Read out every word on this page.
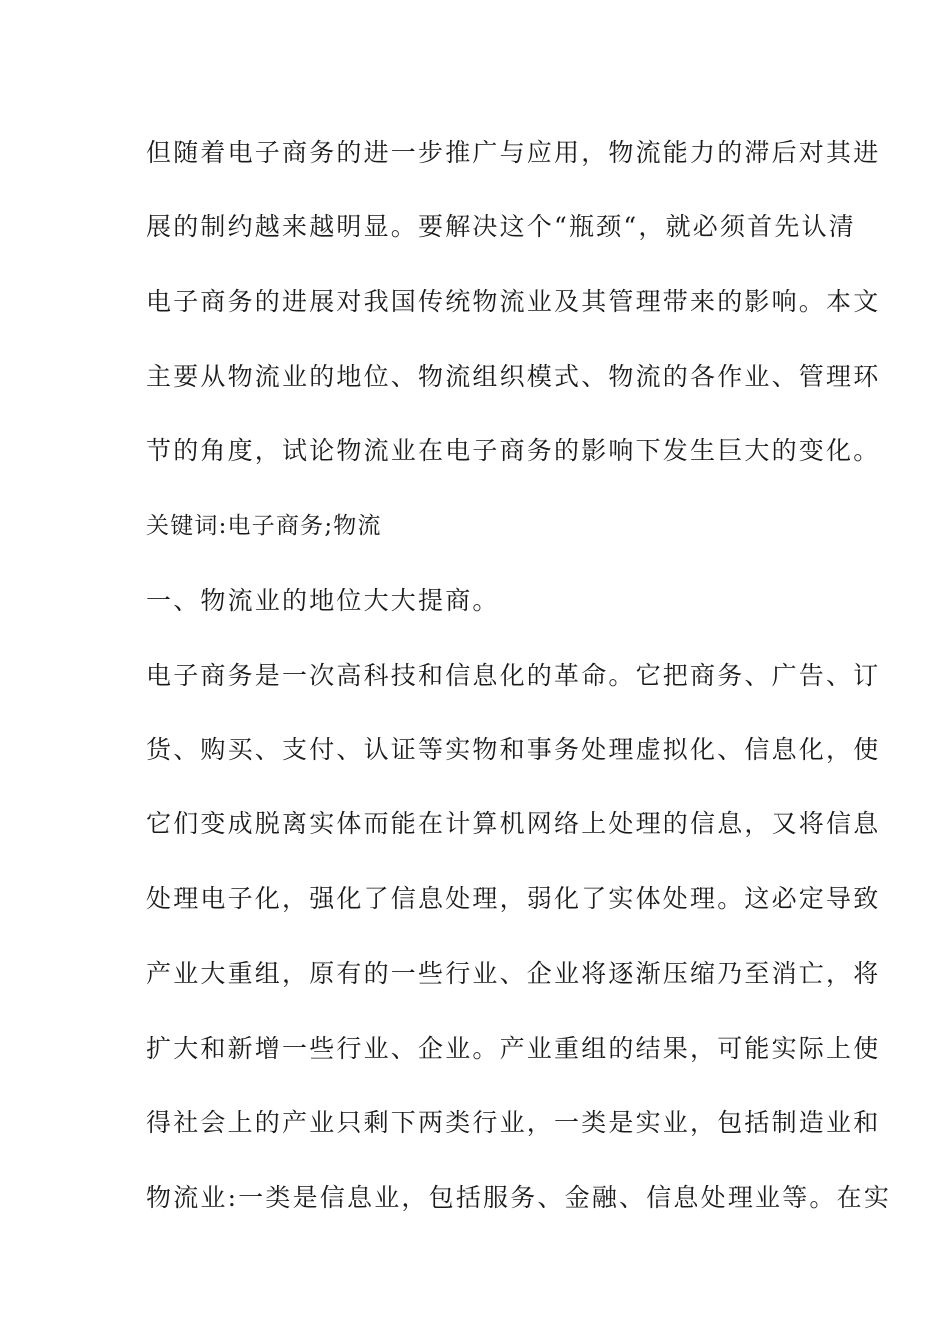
但随着电子商务的进一步推广与应用，物流能力的滞后对其进

展的制约越来越明显。要解决这个“瓶颈“，就必须首先认清

电子商务的进展对我国传统物流业及其管理带来的影响。本文

主要从物流业的地位、物流组织模式、物流的各作业、管理环

节的角度，试论物流业在电子商务的影响下发生巨大的变化。

关键词:电子商务;物流

一、物流业的地位大大提商。

电子商务是一次高科技和信息化的革命。它把商务、广告、订

货、购买、支付、认证等实物和事务处理虚拟化、信息化，使

它们变成脱离实体而能在计算机网络上处理的信息，又将信息

处理电子化，强化了信息处理，弱化了实体处理。这必定导致

产业大重组，原有的一些行业、企业将逐渐压缩乃至消亡，将

扩大和新增一些行业、企业。产业重组的结果，可能实际上使

得社会上的产业只剩下两类行业，一类是实业，包括制造业和

物流业:一类是信息业，包括服务、金融、信息处理业等。在实
